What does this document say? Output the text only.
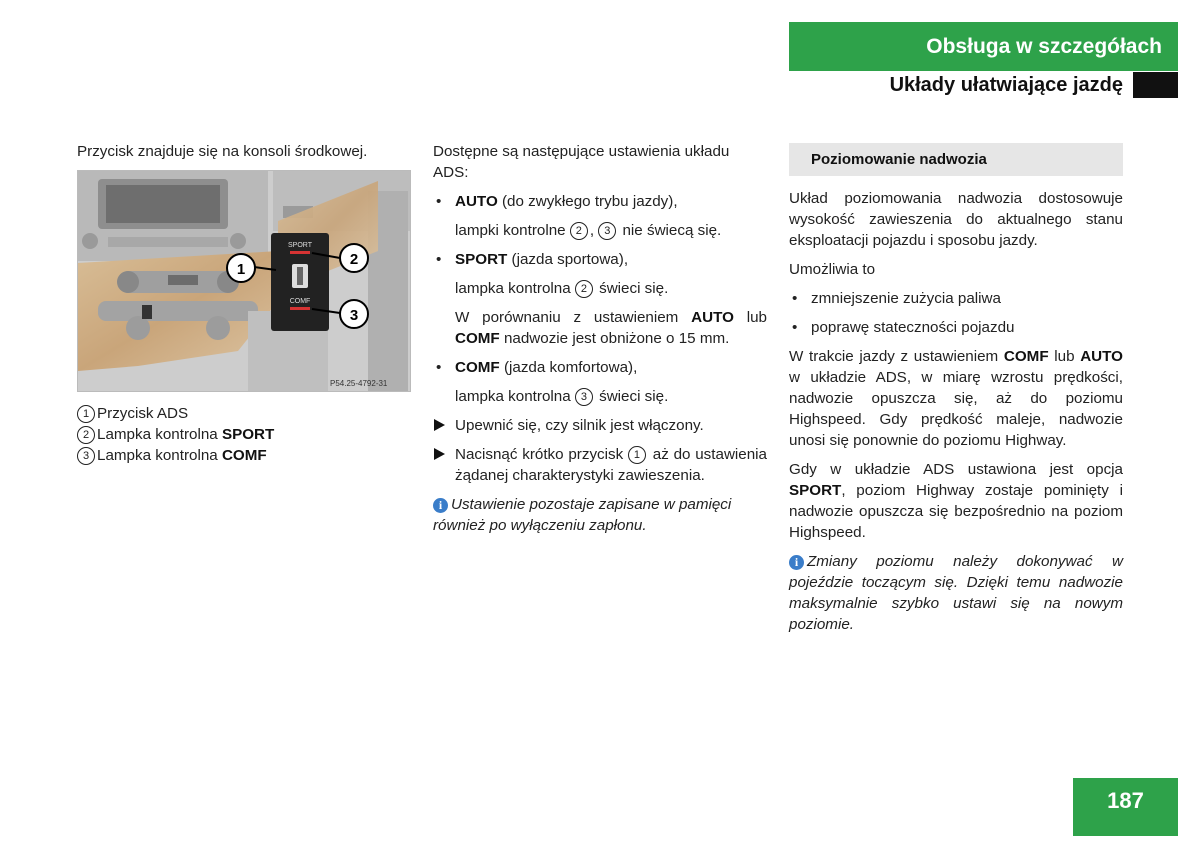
Obsługa w szczegółach
Układy ułatwiające jazdę

Przycisk znajduje się na konsoli środkowej.

SPORT
COMF
1
2
3
P54.25-4792-31

1 Przycisk ADS

2 Lampka kontrolna SPORT

3 Lampka kontrolna COMF

Dostępne są następujące ustawienia układu ADS:

• AUTO (do zwykłego trybu jazdy),
lampki kontrolne 2 , 3 nie świecą się.
• SPORT (jazda sportowa),
lampka kontrolna 2 świeci się.
W porównaniu z ustawieniem AUTO lub COMF nadwozie jest obniżone o 15 mm.
• COMF (jazda komfortowa),
lampka kontrolna 3 świeci się.
Upewnić się, czy silnik jest włączony.
Nacisnąć krótko przycisk 1 aż do ustawienia żądanej charakterystyki zawieszenia.

i Ustawienie pozostaje zapisane w pamięci również po wyłączeniu zapłonu.

Poziomowanie nadwozia

Układ poziomowania nadwozia dostosowuje wysokość zawieszenia do aktualnego stanu eksploatacji pojazdu i sposobu jazdy.

Umożliwia to

• zmniejszenie zużycia paliwa
• poprawę stateczności pojazdu

W trakcie jazdy z ustawieniem COMF lub AUTO w układzie ADS, w miarę wzrostu prędkości, nadwozie opuszcza się, aż do poziomu Highspeed. Gdy prędkość maleje, nadwozie unosi się ponownie do poziomu Highway.

Gdy w układzie ADS ustawiona jest opcja SPORT, poziom Highway zostaje pominięty i nadwozie opuszcza się bezpośrednio na poziom Highspeed.

i Zmiany poziomu należy dokonywać w pojeździe toczącym się. Dzięki temu nadwozie maksymalnie szybko ustawi się na nowym poziomie.

187
